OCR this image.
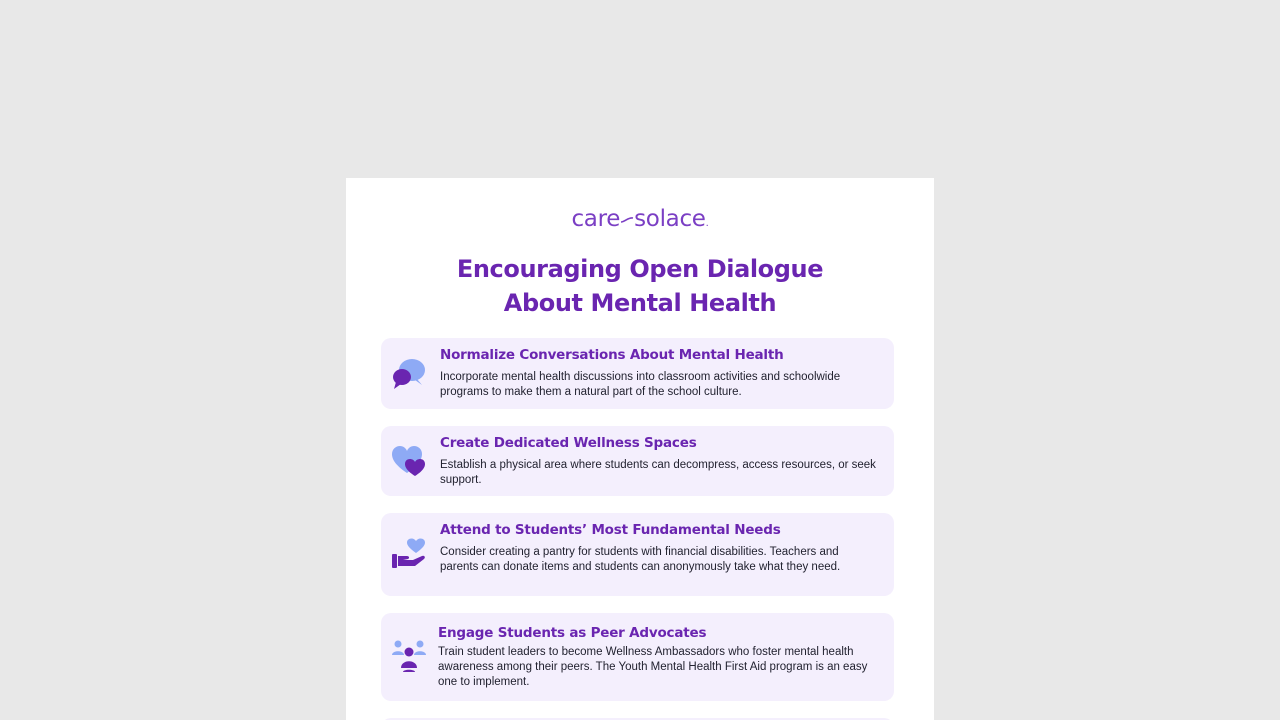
care solace.
Encouraging Open Dialogue
About Mental Health
Normalize Conversations About Mental Health
Incorporate mental health discussions into classroom activities and schoolwide programs to make them a natural part of the school culture.
Create Dedicated Wellness Spaces
Establish a physical area where students can decompress, access resources, or seek support.
Attend to Students’ Most Fundamental Needs
Consider creating a pantry for students with financial disabilities. Teachers and parents can donate items and students can anonymously take what they need.
Engage Students as Peer Advocates
Train student leaders to become Wellness Ambassadors who foster mental health awareness among their peers. The Youth Mental Health First Aid program is an easy one to implement.
